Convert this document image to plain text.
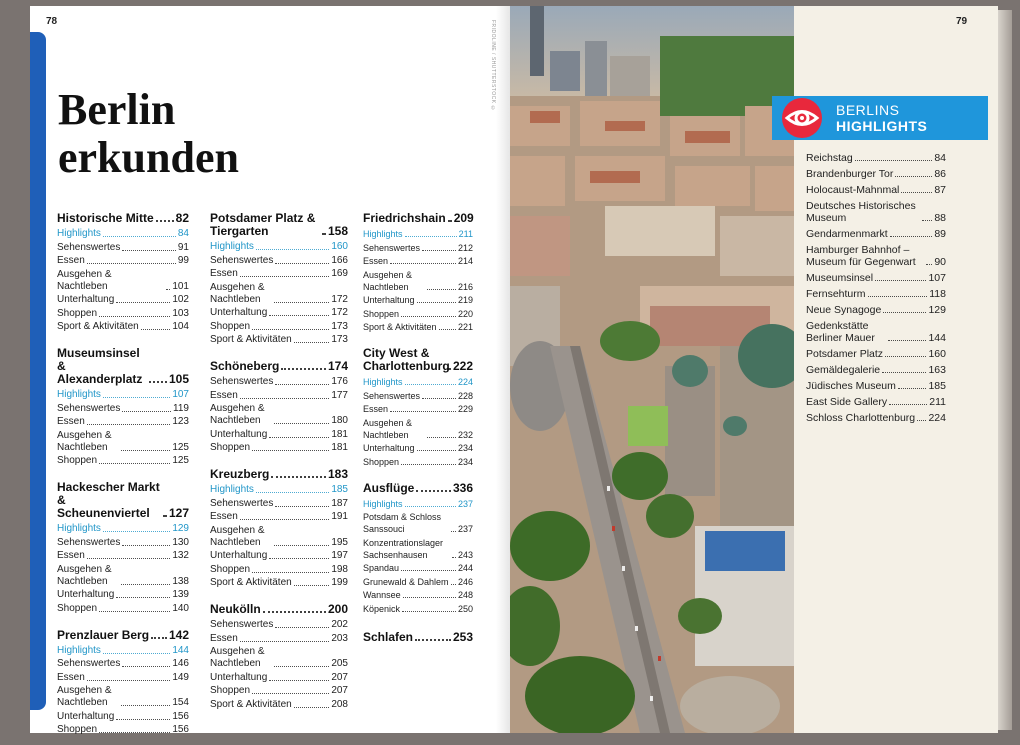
78	79
FRIDOLINE / SHUTTERSTOCK ©
Berlin
erkunden
Historische Mitte 82
Highlights	84
Sehenswertes	91
Essen	99
Ausgehen & Nachtleben	101
Unterhaltung	102
Shoppen	103
Sport & Aktivitäten	104
Museumsinsel & Alexanderplatz	105
Highlights	107
Sehenswertes	119
Essen	123
Ausgehen & Nachtleben	125
Shoppen	125
Hackescher Markt & Scheunenviertel	127
Highlights	129
Sehenswertes	130
Essen	132
Ausgehen & Nachtleben	138
Unterhaltung	139
Shoppen	140
Prenzlauer Berg 142
Highlights	144
Sehenswertes	146
Essen	149
Ausgehen & Nachtleben	154
Unterhaltung	156
Shoppen	156
Potsdamer Platz & Tiergarten	158
Highlights	160
Sehenswertes	166
Essen	169
Ausgehen & Nachtleben	172
Unterhaltung	172
Shoppen	173
Sport & Aktivitäten	173
Schöneberg	174
Sehenswertes	176
Essen	177
Ausgehen & Nachtleben	180
Unterhaltung	181
Shoppen	181
Kreuzberg	183
Highlights	185
Sehenswertes	187
Essen	191
Ausgehen & Nachtleben	195
Unterhaltung	197
Shoppen	198
Sport & Aktivitäten	199
Neukölln	200
Sehenswertes	202
Essen	203
Ausgehen & Nachtleben	205
Unterhaltung	207
Shoppen	207
Sport & Aktivitäten	208
Friedrichshain 209
Highlights	211
Sehenswertes	212
Essen	214
Ausgehen & Nachtleben	216
Unterhaltung	219
Shoppen	220
Sport & Aktivitäten 221
City West & Charlottenburg 222
Highlights	224
Sehenswertes	228
Essen	229
Ausgehen & Nachtleben	232
Unterhaltung	234
Shoppen	234
Ausflüge	336
Highlights	237
Potsdam & Schloss Sanssouci	237
Konzentrationslager Sachsenhausen	243
Spandau	244
Grunewald & Dahlem 246
Wannsee	248
Köpenick	250
Schlafen	253
BERLINS
HIGHLIGHTS
Reichstag	84
Brandenburger Tor	86
Holocaust-Mahnmal	87
Deutsches Historisches Museum	88
Gendarmenmarkt	89
Hamburger Bahnhof – Museum für Gegenwart	90
Museumsinsel	107
Fernsehturm	118
Neue Synagoge	129
Gedenkstätte Berliner Mauer	144
Potsdamer Platz	160
Gemäldegalerie	163
Jüdisches Museum	185
East Side Gallery	211
Schloss Charlottenburg 224
